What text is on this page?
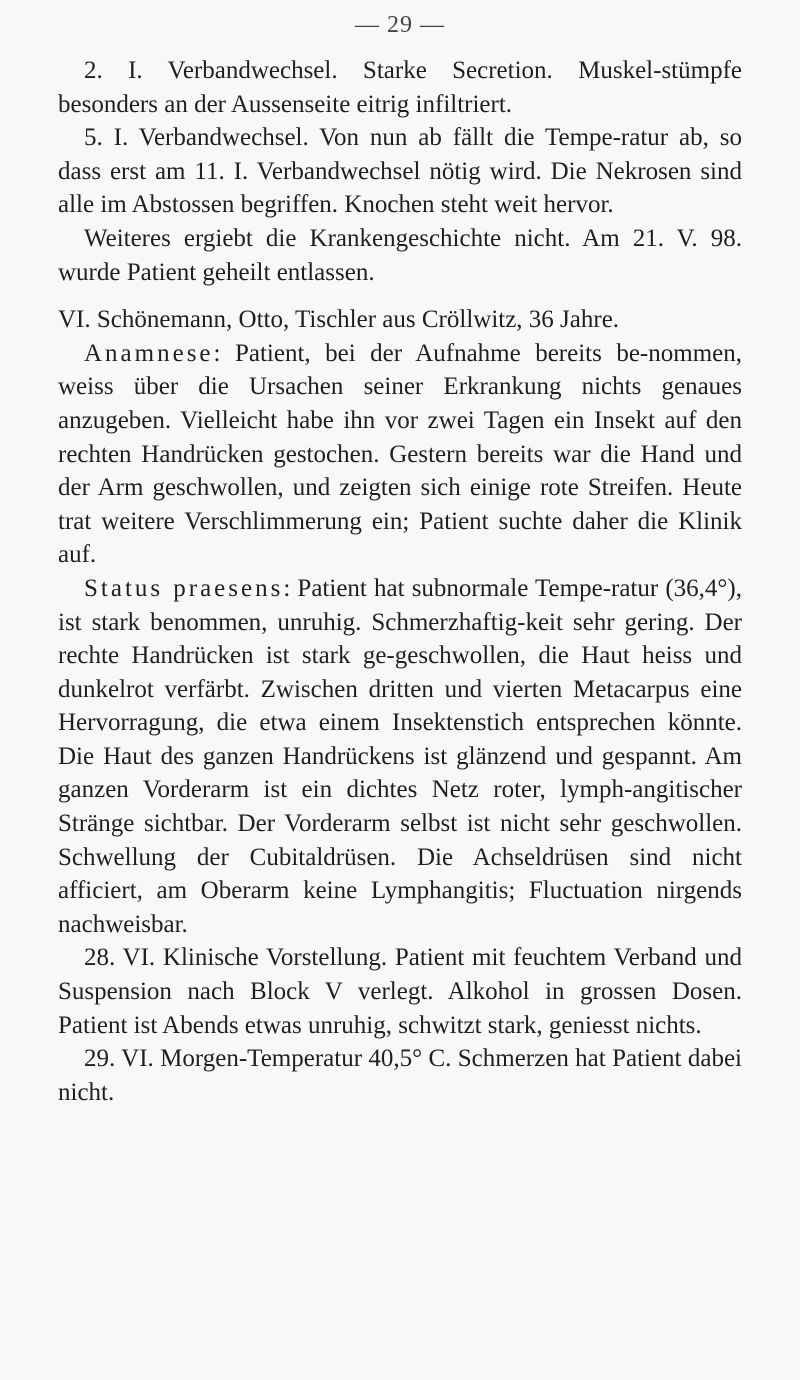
— 29 —

2. I. Verbandwechsel. Starke Secretion. Muskel-stümpfe besonders an der Aussenseite eitrig infiltriert.

5. I. Verbandwechsel. Von nun ab fällt die Tempe-ratur ab, so dass erst am 11. I. Verbandwechsel nötig wird. Die Nekrosen sind alle im Abstossen begriffen. Knochen steht weit hervor.

Weiteres ergiebt die Krankengeschichte nicht. Am 21. V. 98. wurde Patient geheilt entlassen.

VI. Schönemann, Otto, Tischler aus Cröllwitz, 36 Jahre.

Anamnese: Patient, bei der Aufnahme bereits be-nommen, weiss über die Ursachen seiner Erkrankung nichts genaues anzugeben. Vielleicht habe ihn vor zwei Tagen ein Insekt auf den rechten Handrücken gestochen. Gestern bereits war die Hand und der Arm geschwollen, und zeigten sich einige rote Streifen. Heute trat weitere Verschlimmerung ein; Patient suchte daher die Klinik auf.

Status praesens: Patient hat subnormale Tempe-ratur (36,4°), ist stark benommen, unruhig. Schmerzhaftig-keit sehr gering. Der rechte Handrücken ist stark ge-geschwollen, die Haut heiss und dunkelrot verfärbt. Zwischen dritten und vierten Metacarpus eine Hervorragung, die etwa einem Insektenstich entsprechen könnte. Die Haut des ganzen Handrückens ist glänzend und gespannt. Am ganzen Vorderarm ist ein dichtes Netz roter, lymph-angitischer Stränge sichtbar. Der Vorderarm selbst ist nicht sehr geschwollen. Schwellung der Cubitaldrüsen. Die Achseldrüsen sind nicht afficiert, am Oberarm keine Lymphangitis; Fluctuation nirgends nachweisbar.

28. VI. Klinische Vorstellung. Patient mit feuchtem Verband und Suspension nach Block V verlegt. Alkohol in grossen Dosen. Patient ist Abends etwas unruhig, schwitzt stark, geniesst nichts.

29. VI. Morgen-Temperatur 40,5° C. Schmerzen hat Patient dabei nicht.
